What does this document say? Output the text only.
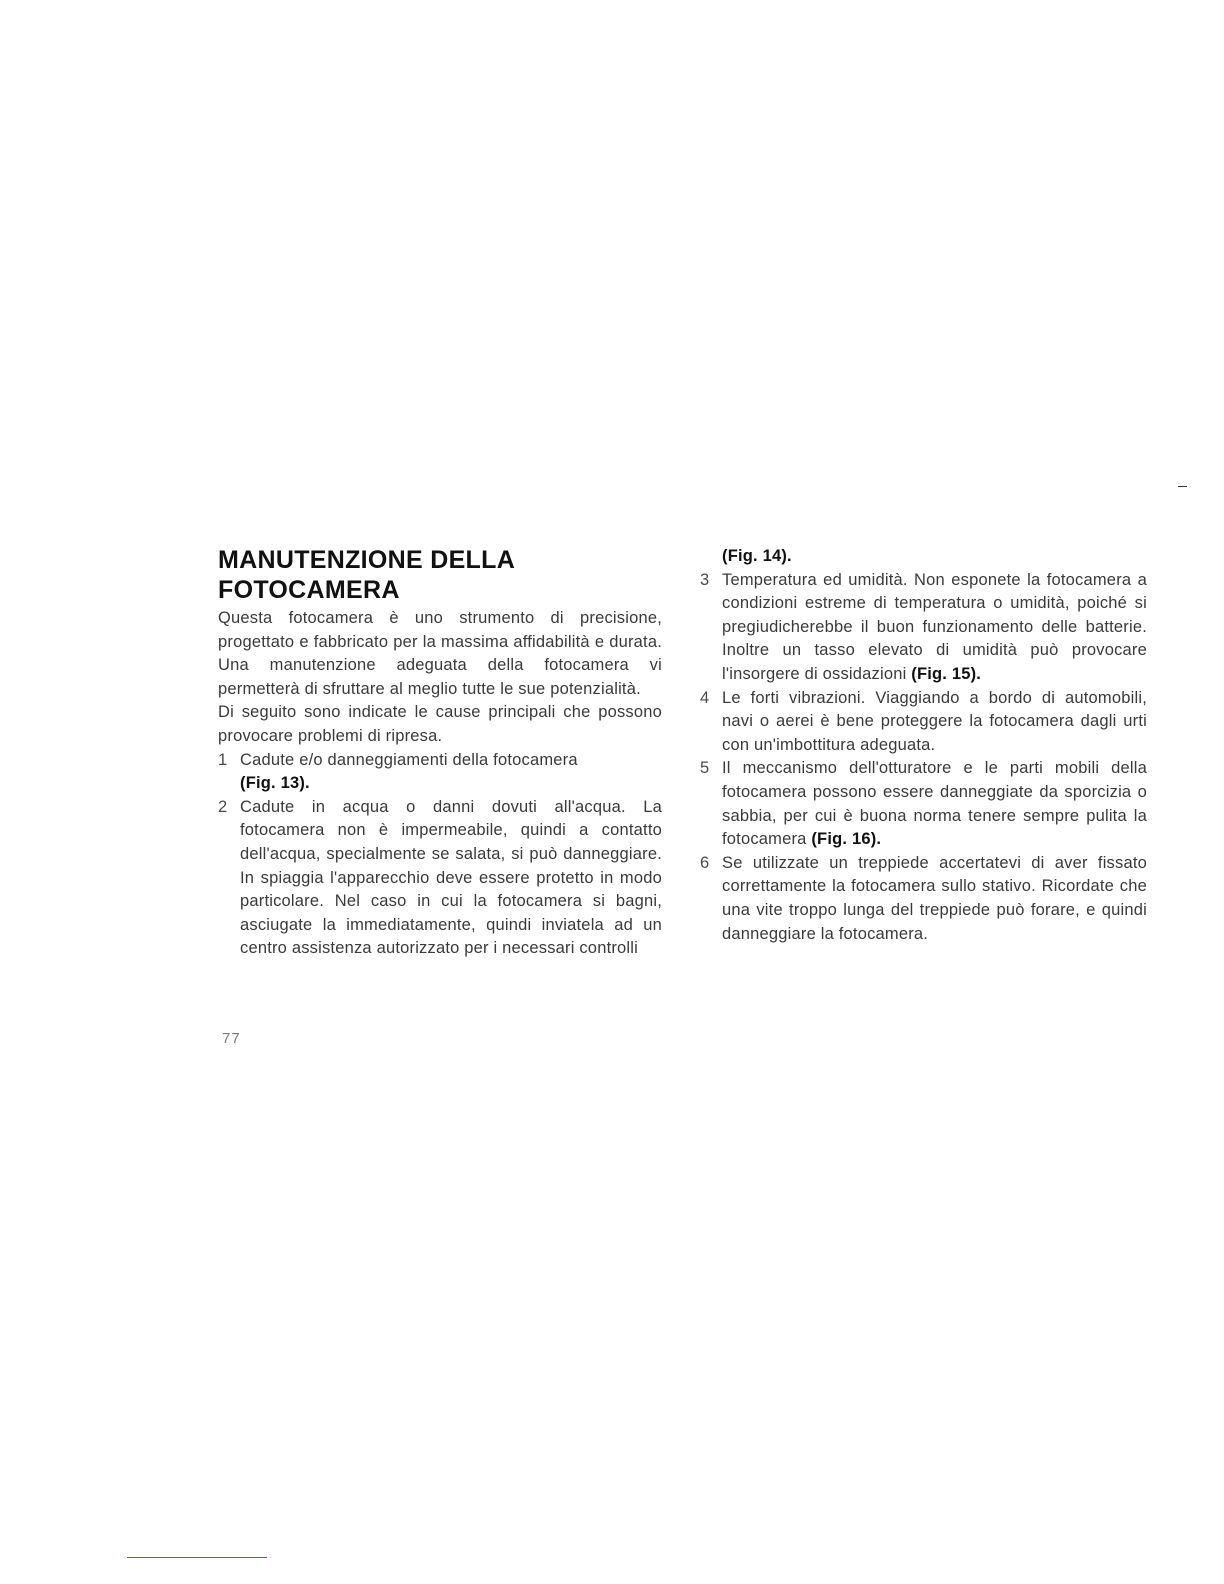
MANUTENZIONE DELLA
FOTOCAMERA

Questa fotocamera è uno strumento di precisione, progettato e fabbricato per la massima affidabilità e durata. Una manutenzione adeguata della fotocamera vi permetterà di sfruttare al meglio tutte le sue potenzialità.

Di seguito sono indicate le cause principali che possono provocare problemi di ripresa.

1 Cadute e/o danneggiamenti della fotocamera
(Fig. 13).

2 Cadute in acqua o danni dovuti all'acqua. La fotocamera non è impermeabile, quindi a contatto dell'acqua, specialmente se salata, si può danneggiare. In spiaggia l'apparecchio deve essere protetto in modo particolare. Nel caso in cui la fotocamera si bagni, asciugate la immediatamente, quindi inviatela ad un centro assistenza autorizzato per i necessari controlli

(Fig. 14).

3 Temperatura ed umidità. Non esponete la fotocamera a condizioni estreme di temperatura o umidità, poiché si pregiudicherebbe il buon funzionamento delle batterie. Inoltre un tasso elevato di umidità può provocare l'insorgere di ossidazioni (Fig. 15).

4 Le forti vibrazioni. Viaggiando a bordo di automobili, navi o aerei è bene proteggere la fotocamera dagli urti con un'imbottitura adeguata.

5 Il meccanismo dell'otturatore e le parti mobili della fotocamera possono essere danneggiate da sporcizia o sabbia, per cui è buona norma tenere sempre pulita la fotocamera (Fig. 16).

6 Se utilizzate un treppiede accertatevi di aver fissato correttamente la fotocamera sullo stativo. Ricordate che una vite troppo lunga del treppiede può forare, e quindi danneggiare la fotocamera.

77
